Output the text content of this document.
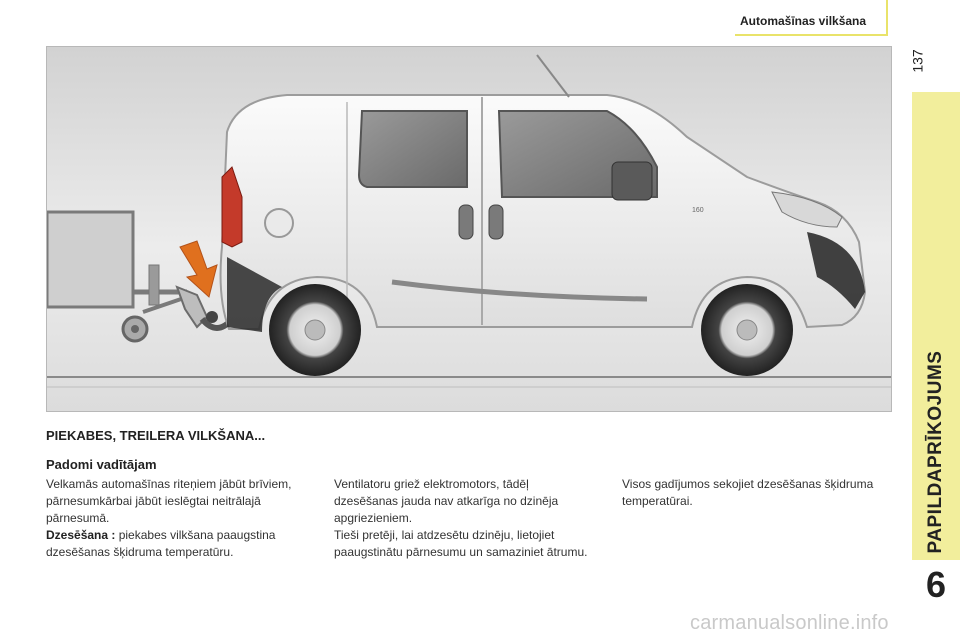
Automašīnas vilkšana
137
PAPILDAPRĪKOJUMS
6
160
PIEKABES, TREILERA VILKŠANA...
Padomi vadītājam

Velkamās automašīnas riteņiem jābūt brīviem, pārnesumkārbai jābūt ieslēgtai neitrālajā pārnesumā.

Dzesēšana : piekabes vilkšana paaugstina dzesēšanas šķidruma temperatūru.

Ventilatoru griež elektromotors, tādēļ dzesēšanas jauda nav atkarīga no dzinēja apgriezieniem.

Tieši pretēji, lai atdzesētu dzinēju, lietojiet paaugstinātu pārnesumu un samaziniet ātrumu.

Visos gadījumos sekojiet dzesēšanas šķidruma temperatūrai.

carmanualsonline.info
